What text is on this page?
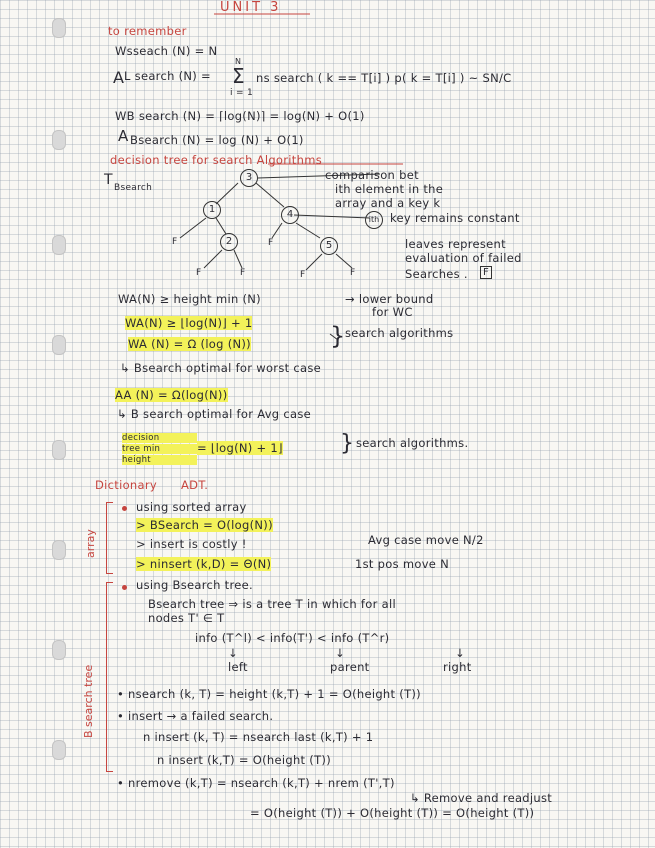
UNIT 3
to remember
Wsseach (N) = N
A L search (N) = Σ
N
i = 1
ns search ( k == T[i] ) p( k = T[i] ) ~ SN/C
WB search (N) = ⌈log(N)⌉ = log(N) + O(1)
A Bsearch (N) = log (N) + O(1)
decision tree for search Algorithms
T Bsearch
3
1	4
2	5
comparison bet
ith element in the
array and a key k
ith key remains constant
leaves represent
evaluation of failed
Searches .	F
F	F
F	F	F	F
WA(N) ≥ height min (N)	→ lower bound
for WC
WA(N) ≥ ⌊log(N)⌋ + 1
WA (N) = Ω (log (N))	} search algorithms
↳ Bsearch optimal for worst case
AA (N) = Ω(log(N))
↳ B search optimal for Avg case
decision
tree min
height
= ⌊log(N) + 1⌋	} search algorithms.
Dictionary ADT.
array
using sorted array
> BSearch = O(log(N))
> insert is costly !	Avg case move N/2
> ninsert (k,D) = Θ(N)	1st pos move N
B search tree
using Bsearch tree.
Bsearch tree ⇒ is a tree T in which for all
nodes T' ∈ T
info (T^l) < info(T') < info (T^r)
↓	↓	↓
left	parent	right
• nsearch (k, T) = height (k,T) + 1 = O(height (T))
• insert → a failed search.
n insert (k, T) = nsearch last (k,T) + 1
n insert (k,T) = O(height (T))
• nremove (k,T) = nsearch (k,T) + nrem (T',T)
↳ Remove and readjust
= O(height (T)) + O(height (T)) = O(height (T))
